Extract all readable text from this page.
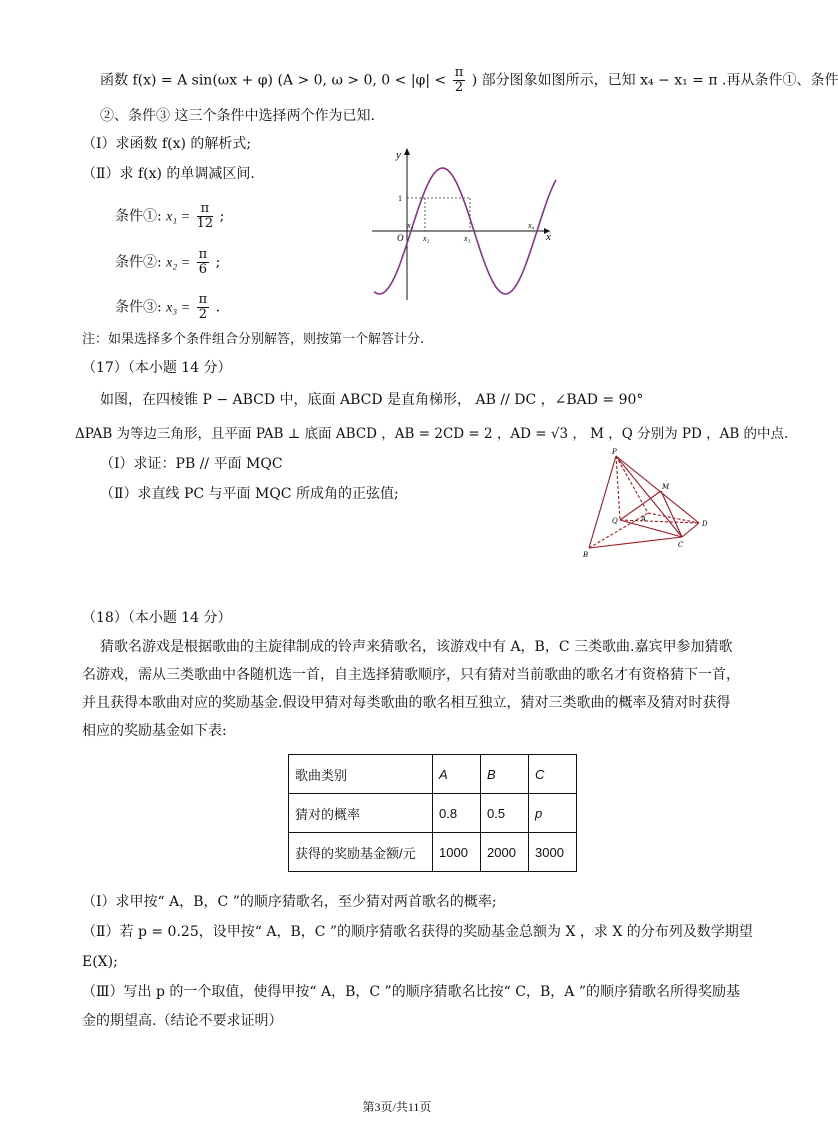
函数 f(x) = A sin(ωx + φ) (A > 0, ω > 0, $0 < |\varphi| < \frac{\pi}{2}$ ) 部分图象如图所示，已知 x₄ − x₁ = π .再从条件①、条件
②、条件③ 这三个条件中选择两个作为已知.
（Ⅰ）求函数 f(x) 的解析式;
（Ⅱ）求 f(x) 的单调减区间.
条件①: $x_1 = \frac{\pi}{12}$ ;
条件②: $x_2 = \frac{\pi}{6}$ ;
条件③: $x_3 = \frac{\pi}{2}$ .
y
x
O
1
x₁
x₂	x₃
x₄
注：如果选择多个条件组合分别解答，则按第一个解答计分.
（17）（本小题 14 分）
如图，在四棱锥 P − ABCD 中，底面 ABCD 是直角梯形， AB // DC ，∠BAD = 90°
ΔPAB 为等边三角形，且平面 PAB ⊥ 底面 ABCD ，AB = 2CD = 2 ，AD = √3 ， M ，Q 分别为 PD ，AB 的中点.
（Ⅰ）求证：PB // 平面 MQC
（Ⅱ）求直线 PC 与平面 MQC 所成角的正弦值;
P
M
Q	A
B
C
D
（18）（本小题 14 分）
猜歌名游戏是根据歌曲的主旋律制成的铃声来猜歌名，该游戏中有 A，B，C 三类歌曲.嘉宾甲参加猜歌
名游戏，需从三类歌曲中各随机选一首，自主选择猜歌顺序，只有猜对当前歌曲的歌名才有资格猜下一首，
并且获得本歌曲对应的奖励基金.假设甲猜对每类歌曲的歌名相互独立，猜对三类歌曲的概率及猜对时获得
相应的奖励基金如下表:
歌曲类别	A	B	C
猜对的概率	0.8	0.5	p
获得的奖励基金额/元	1000	2000	3000
（Ⅰ）求甲按“ A，B，C ”的顺序猜歌名，至少猜对两首歌名的概率;
（Ⅱ）若 p = 0.25，设甲按“ A，B，C ”的顺序猜歌名获得的奖励基金总额为 X ，求 X 的分布列及数学期望
E(X);
（Ⅲ）写出 p 的一个取值，使得甲按“ A，B，C ”的顺序猜歌名比按“ C，B，A ”的顺序猜歌名所得奖励基
金的期望高.（结论不要求证明）
第3页/共11页
